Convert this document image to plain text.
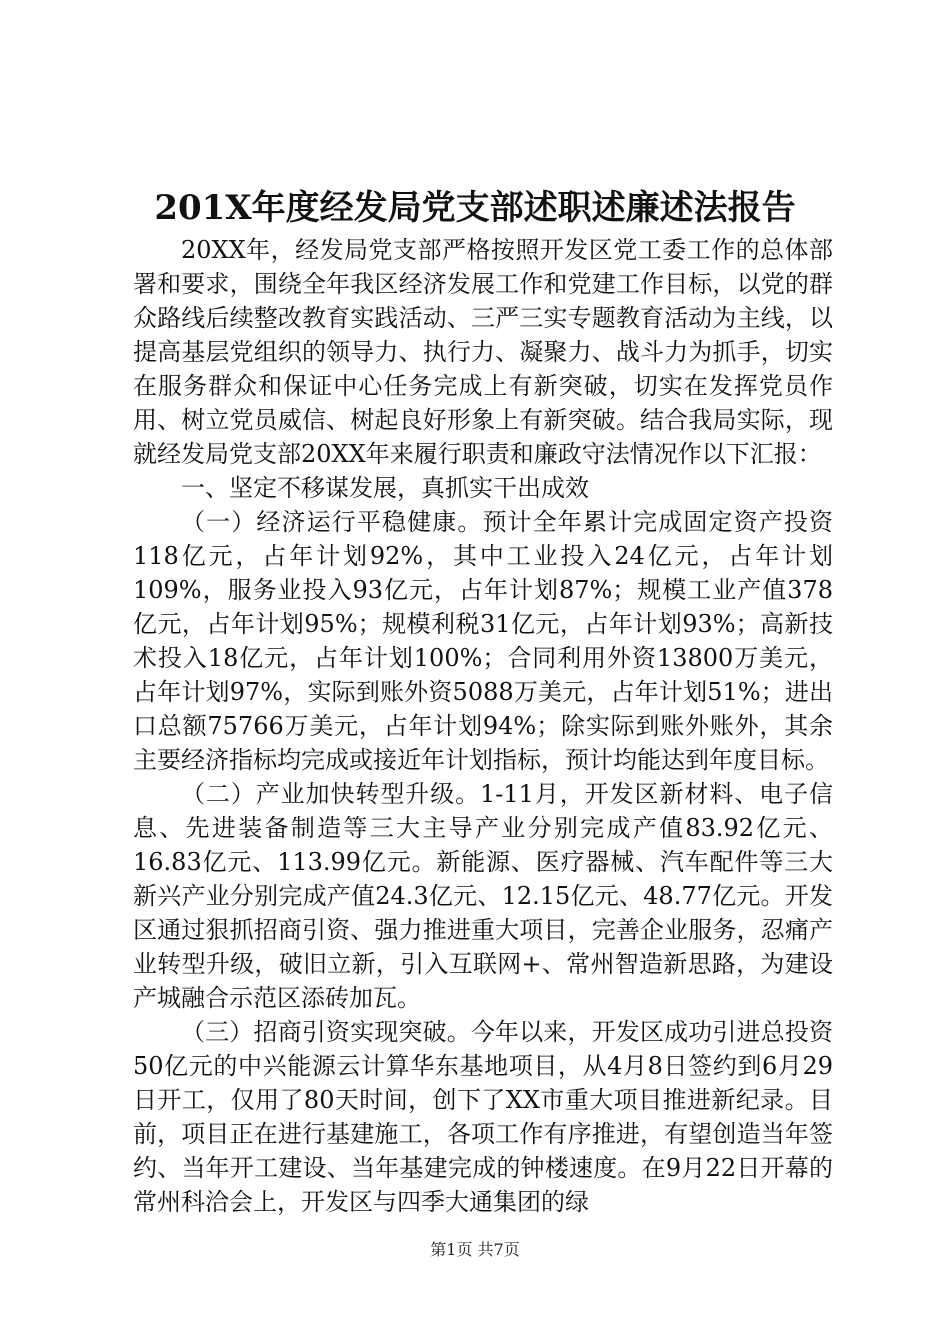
201X年度经发局党支部述职述廉述法报告

20XX年，经发局党支部严格按照开发区党工委工作的总体部署和要求，围绕全年我区经济发展工作和党建工作目标，以党的群众路线后续整改教育实践活动、三严三实专题教育活动为主线，以提高基层党组织的领导力、执行力、凝聚力、战斗力为抓手，切实在服务群众和保证中心任务完成上有新突破，切实在发挥党员作用、树立党员威信、树起良好形象上有新突破。结合我局实际，现就经发局党支部20XX年来履行职责和廉政守法情况作以下汇报：

一、坚定不移谋发展，真抓实干出成效

（一）经济运行平稳健康。预计全年累计完成固定资产投资118亿元，占年计划92%，其中工业投入24亿元，占年计划109%，服务业投入93亿元，占年计划87%；规模工业产值378亿元，占年计划95%；规模利税31亿元，占年计划93%；高新技术投入18亿元，占年计划100%；合同利用外资13800万美元，占年计划97%，实际到账外资5088万美元，占年计划51%；进出口总额75766万美元，占年计划94%；除实际到账外账外，其余主要经济指标均完成或接近年计划指标，预计均能达到年度目标。

（二）产业加快转型升级。1-11月，开发区新材料、电子信息、先进装备制造等三大主导产业分别完成产值83.92亿元、16.83亿元、113.99亿元。新能源、医疗器械、汽车配件等三大新兴产业分别完成产值24.3亿元、12.15亿元、48.77亿元。开发区通过狠抓招商引资、强力推进重大项目，完善企业服务，忍痛产业转型升级，破旧立新，引入互联网+、常州智造新思路，为建设产城融合示范区添砖加瓦。

（三）招商引资实现突破。今年以来，开发区成功引进总投资50亿元的中兴能源云计算华东基地项目，从4月8日签约到6月29日开工，仅用了80天时间，创下了XX市重大项目推进新纪录。目前，项目正在进行基建施工，各项工作有序推进，有望创造当年签约、当年开工建设、当年基建完成的钟楼速度。在9月22日开幕的常州科洽会上，开发区与四季大通集团的绿

第1页 共7页
